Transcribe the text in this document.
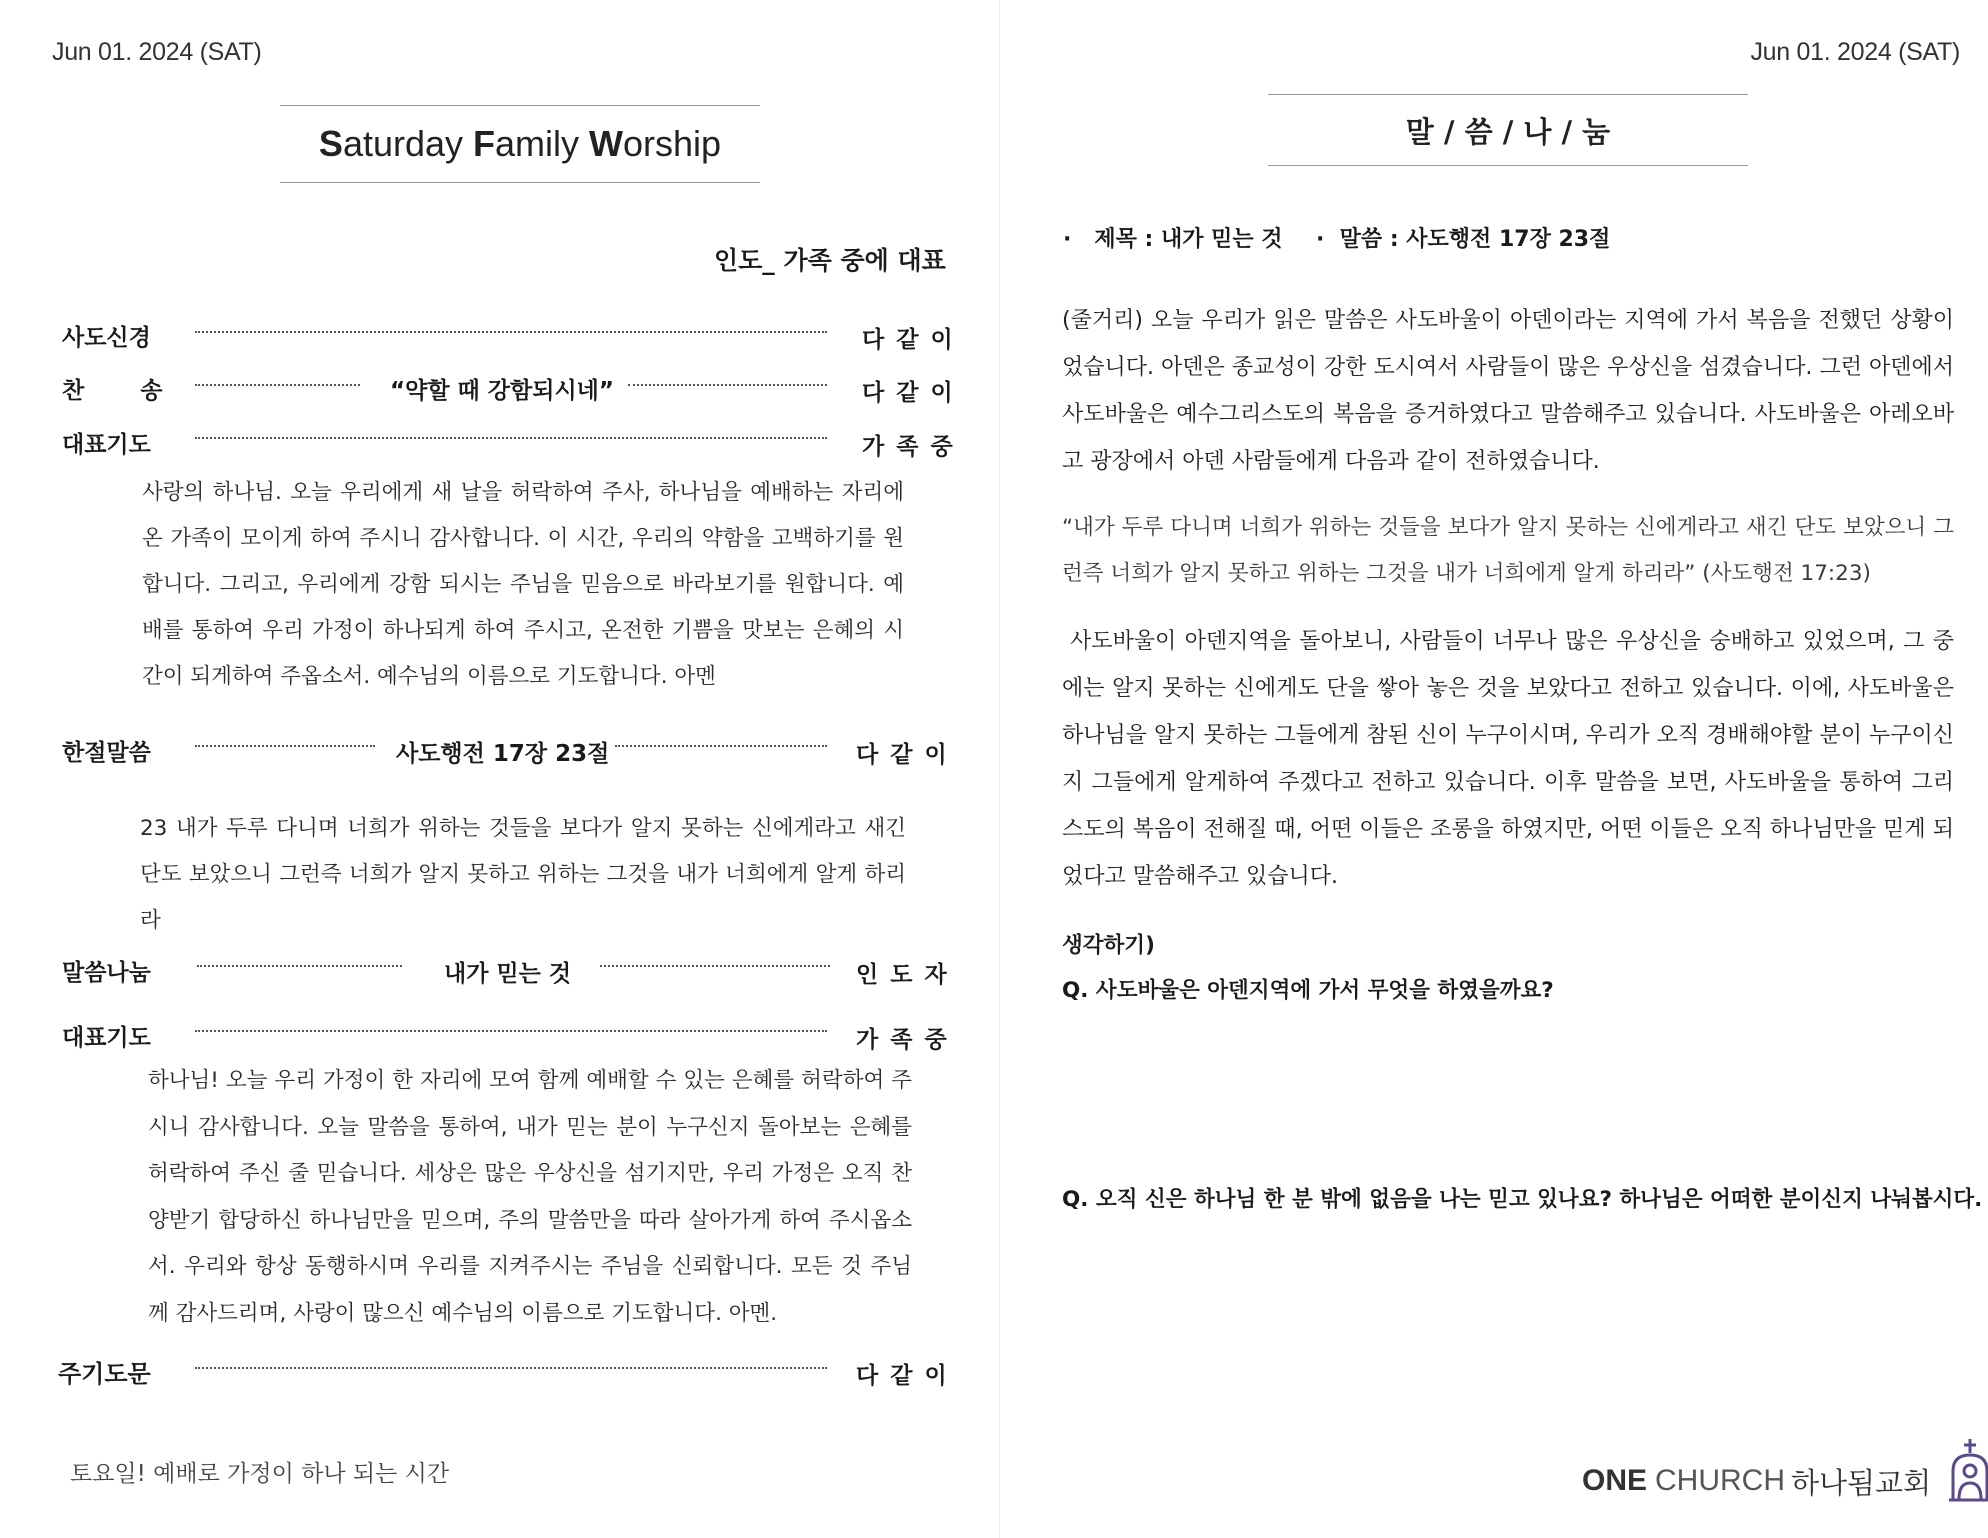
Jun 01. 2024 (SAT)
Saturday Family Worship
인도_ 가족 중에 대표
사도신경	다 같 이
찬       송	“약할 때 강함되시네”	다 같 이
대표기도	가 족 중
사랑의 하나님. 오늘 우리에게 새 날을 허락하여 주사, 하나님을 예배하는 자리에 온 가족이 모이게 하여 주시니 감사합니다. 이 시간, 우리의 약함을 고백하기를 원합니다. 그리고, 우리에게 강함 되시는 주님을 믿음으로 바라보기를 원합니다. 예배를 통하여 우리 가정이 하나되게 하여 주시고, 온전한 기쁨을 맛보는 은혜의 시간이 되게하여 주옵소서. 예수님의 이름으로 기도합니다. 아멘
한절말씀	사도행전 17장 23절	다 같 이
23 내가 두루 다니며 너희가 위하는 것들을 보다가 알지 못하는 신에게라고 새긴 단도 보았으니 그런즉 너희가 알지 못하고 위하는 그것을 내가 너희에게 알게 하리라
말씀나눔	내가 믿는 것	인 도 자
대표기도	가 족 중
하나님! 오늘 우리 가정이 한 자리에 모여 함께 예배할 수 있는 은혜를 허락하여 주시니 감사합니다. 오늘 말씀을 통하여, 내가 믿는 분이 누구신지 돌아보는 은혜를 허락하여 주신 줄 믿습니다. 세상은 많은 우상신을 섬기지만, 우리 가정은 오직 찬양받기 합당하신 하나님만을 믿으며, 주의 말씀만을 따라 살아가게 하여 주시옵소서. 우리와 항상 동행하시며 우리를 지켜주시는 주님을 신뢰합니다. 모든 것 주님께 감사드리며, 사랑이 많으신 예수님의 이름으로 기도합니다. 아멘.
주기도문	다 같 이
토요일! 예배로 가정이 하나 되는 시간
Jun 01. 2024 (SAT)
말 / 씀 / 나 / 눔
·   제목 : 내가 믿는 것 ·  말씀 : 사도행전 17장 23절
(줄거리) 오늘 우리가 읽은 말씀은 사도바울이 아덴이라는 지역에 가서 복음을 전했던 상황이었습니다. 아덴은 종교성이 강한 도시여서 사람들이 많은 우상신을 섬겼습니다. 그런 아덴에서 사도바울은 예수그리스도의 복음을 증거하였다고 말씀해주고 있습니다. 사도바울은 아레오바고 광장에서 아덴 사람들에게 다음과 같이 전하였습니다.
“내가 두루 다니며 너희가 위하는 것들을 보다가 알지 못하는 신에게라고 새긴 단도 보았으니 그런즉 너희가 알지 못하고 위하는 그것을 내가 너희에게 알게 하리라” (사도행전 17:23)
사도바울이 아덴지역을 돌아보니, 사람들이 너무나 많은 우상신을 숭배하고 있었으며, 그 중에는 알지 못하는 신에게도 단을 쌓아 놓은 것을 보았다고 전하고 있습니다. 이에, 사도바울은 하나님을 알지 못하는 그들에게 참된 신이 누구이시며, 우리가 오직 경배해야할 분이 누구이신지 그들에게 알게하여 주겠다고 전하고 있습니다. 이후 말씀을 보면, 사도바울을 통하여 그리스도의 복음이 전해질 때, 어떤 이들은 조롱을 하였지만, 어떤 이들은 오직 하나님만을 믿게 되었다고 말씀해주고 있습니다.
생각하기)
Q. 사도바울은 아덴지역에 가서 무엇을 하였을까요?
Q. 오직 신은 하나님 한 분 밖에 없음을 나는 믿고 있나요? 하나님은 어떠한 분이신지 나눠봅시다.
ONE CHURCH 하나됨교회
